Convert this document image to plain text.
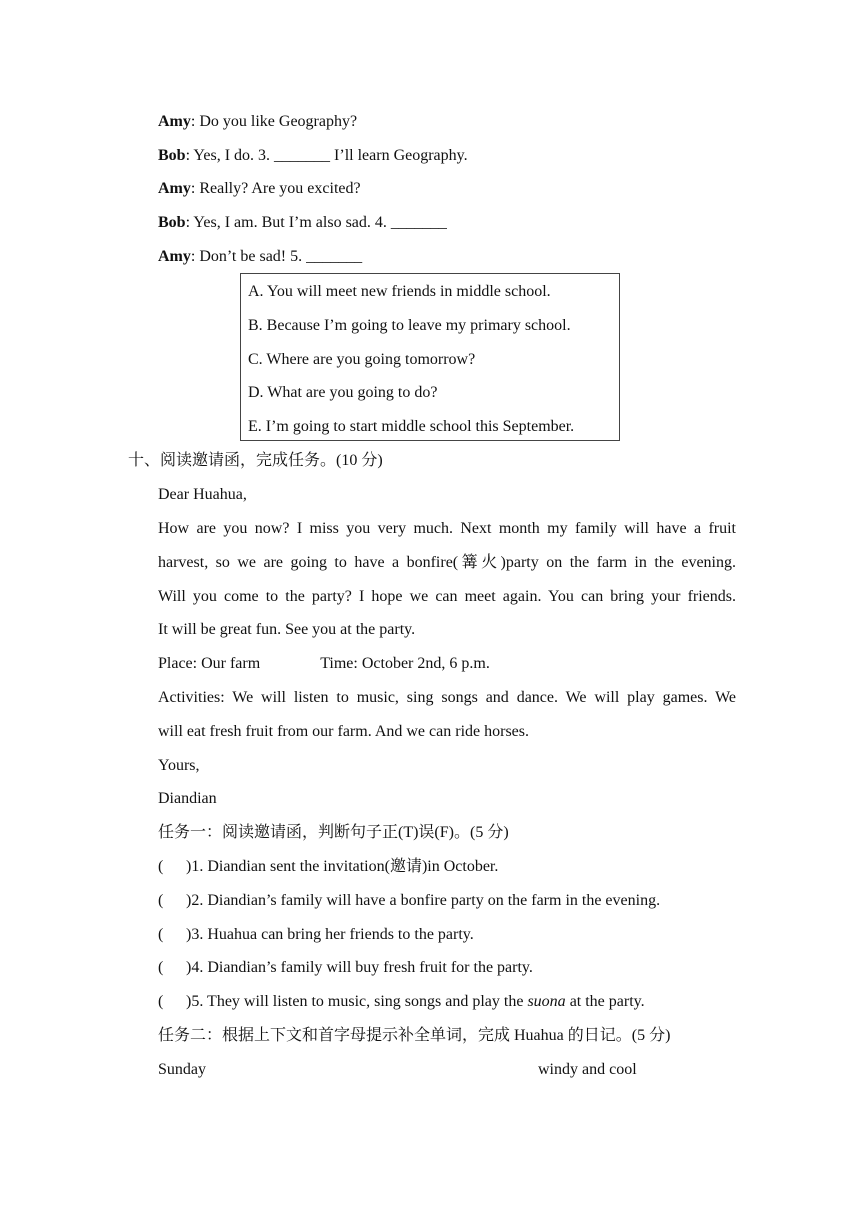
Amy: Do you like Geography?
Bob: Yes, I do. 3. _______ I’ll learn Geography.
Amy: Really? Are you excited?
Bob: Yes, I am. But I’m also sad. 4. _______
Amy: Don’t be sad! 5. _______
A. You will meet new friends in middle school.
B. Because I’m going to leave my primary school.
C. Where are you going tomorrow?
D. What are you going to do?
E. I’m going to start middle school this September.
十、阅读邀请函，完成任务。(10 分)
Dear Huahua,
How are you now? I miss you very much. Next month my family will have a fruit
harvest, so we are going to have a bonfire(篝火)party on the farm in the evening.
Will you come to the party? I hope we can meet again. You can bring your friends.
It will be great fun. See you at the party.
Place: Our farm	Time: October 2nd, 6 p.m.
Activities: We will listen to music, sing songs and dance. We will play games. We
will eat fresh fruit from our farm. And we can ride horses.
Yours,
Diandian
任务一：阅读邀请函，判断句子正(T)误(F)。(5 分)
( )1. Diandian sent the invitation(邀请)in October.
( )2. Diandian’s family will have a bonfire party on the farm in the evening.
( )3. Huahua can bring her friends to the party.
( )4. Diandian’s family will buy fresh fruit for the party.
( )5. They will listen to music, sing songs and play the suona at the party.
任务二：根据上下文和首字母提示补全单词，完成 Huahua 的日记。(5 分)
Sunday	windy and cool
